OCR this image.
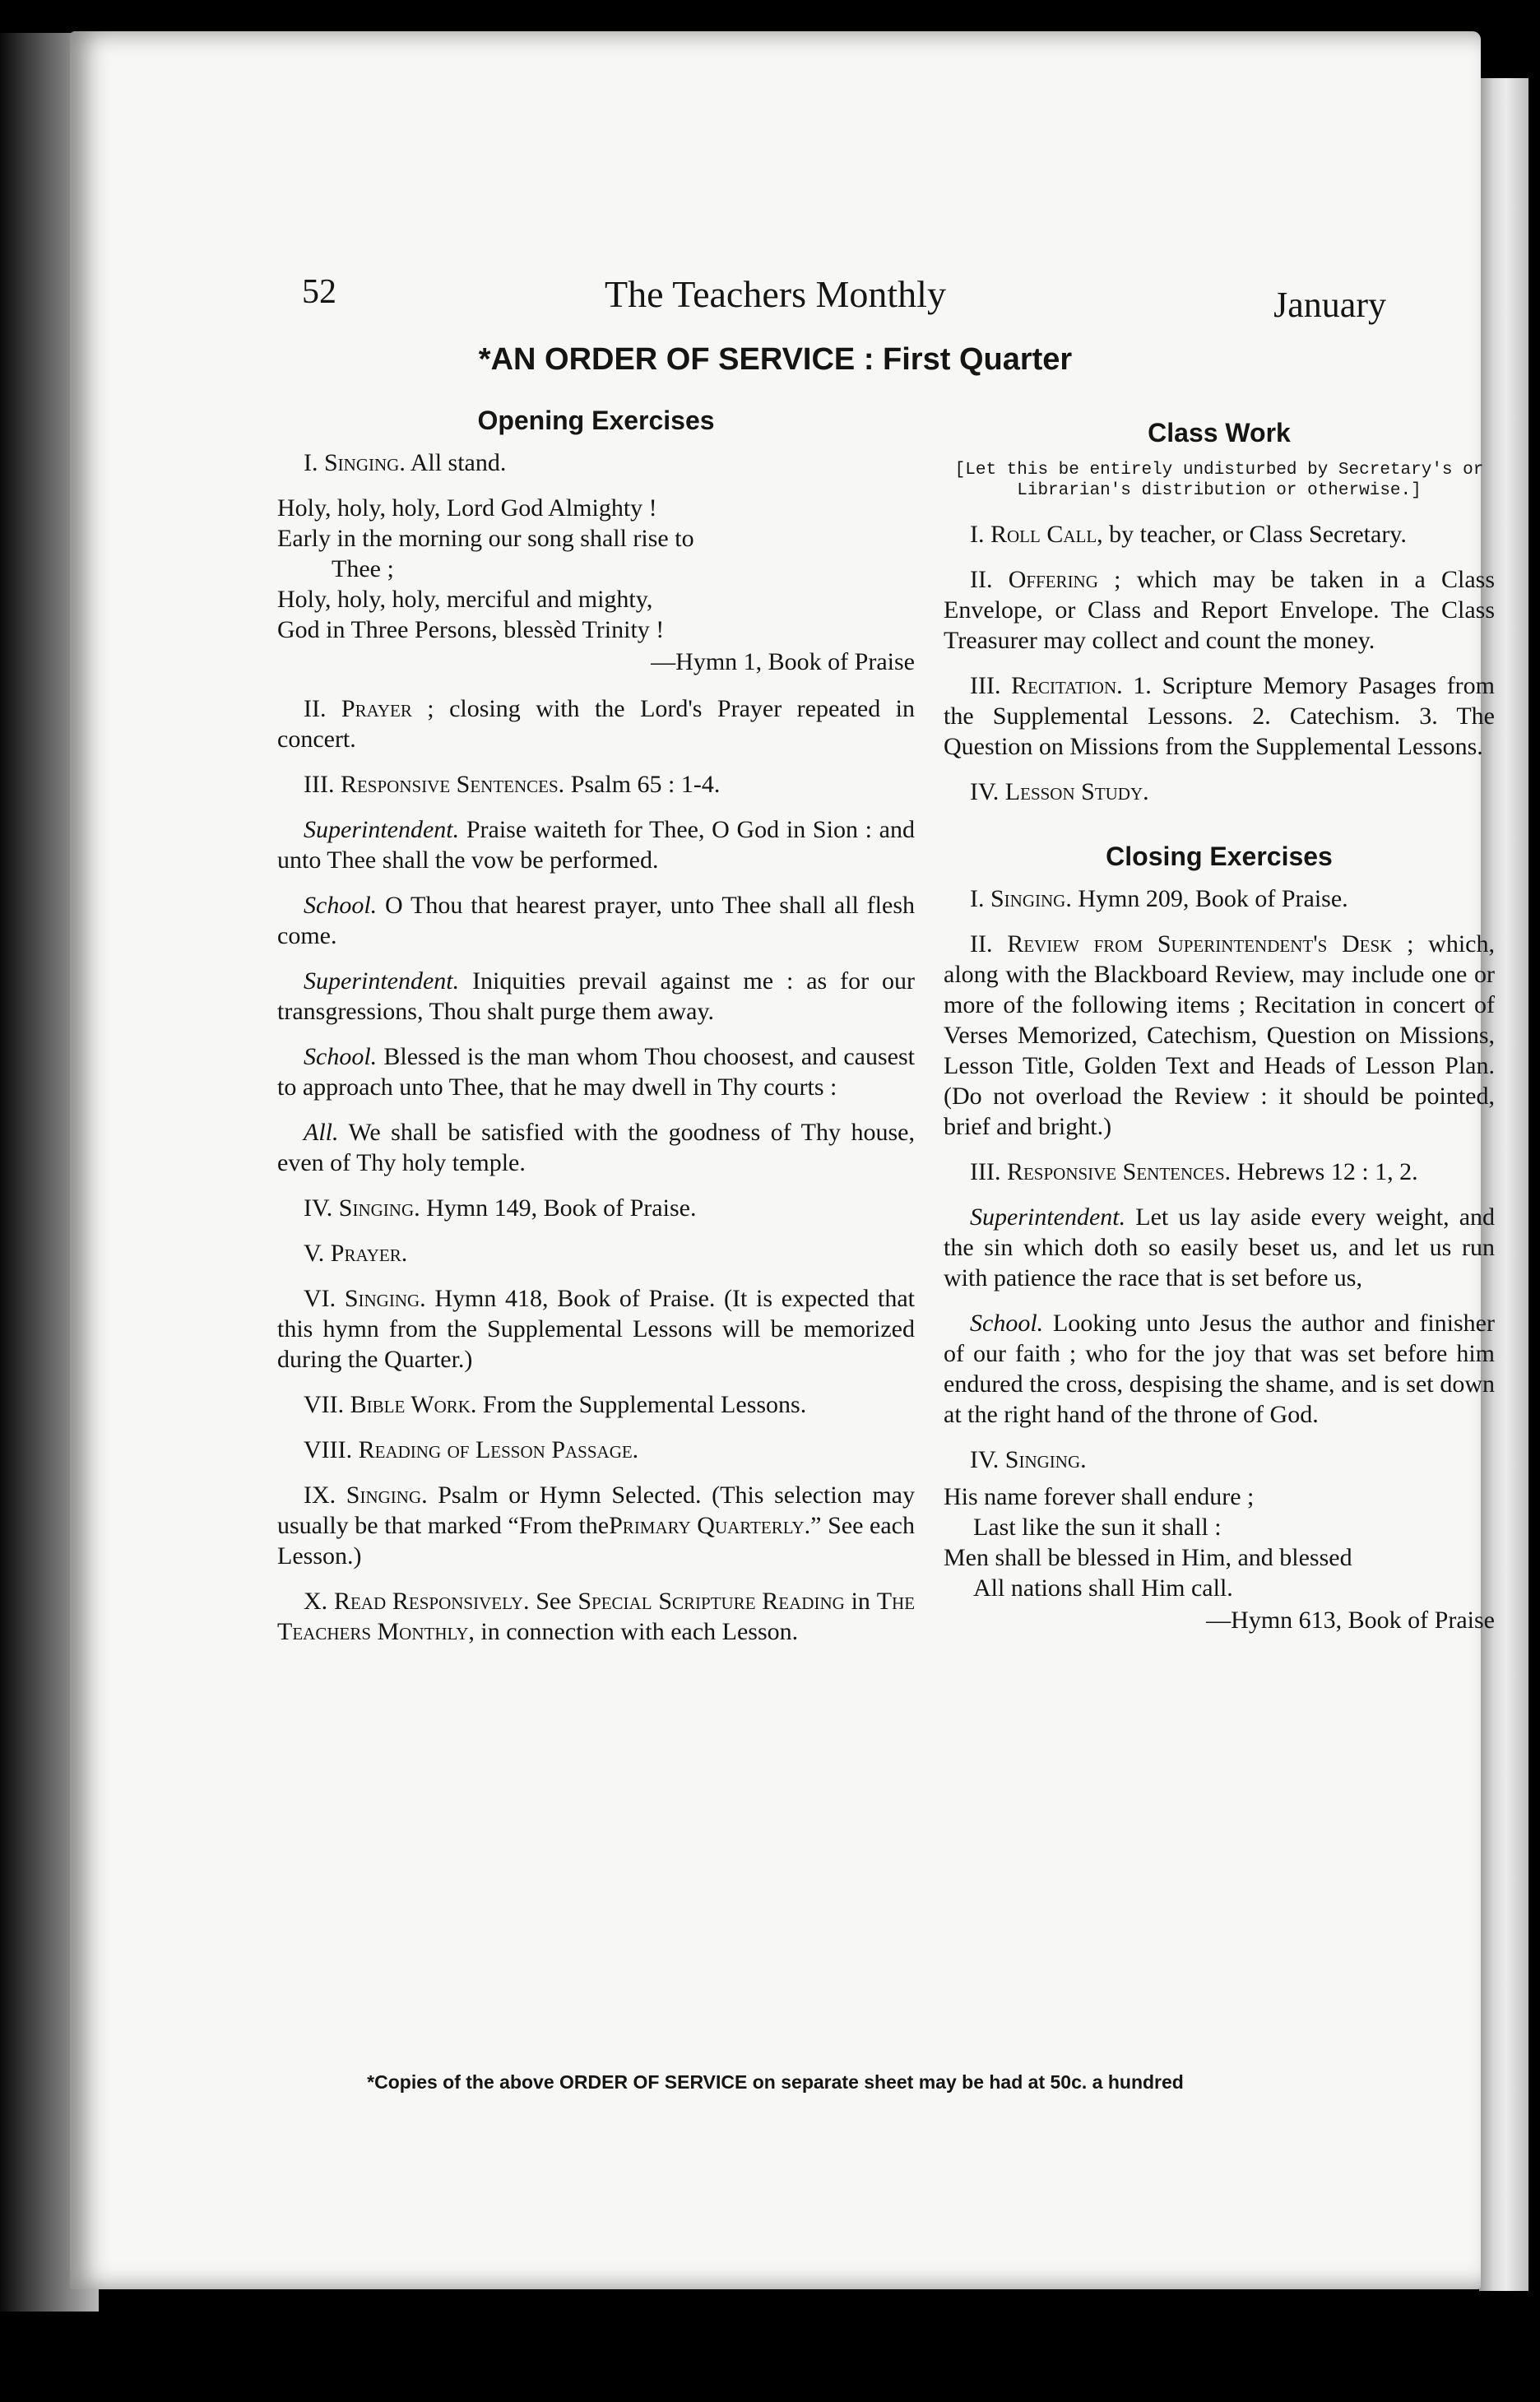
52	The Teachers Monthly	January
*AN ORDER OF SERVICE : First Quarter
Opening Exercises

I. Singing. All stand.

Holy, holy, holy, Lord God Almighty !

Early in the morning our song shall rise to

Thee ;

Holy, holy, holy, merciful and mighty,

God in Three Persons, blessèd Trinity !

—Hymn 1, Book of Praise

II. Prayer ; closing with the Lord's Prayer repeated in concert.

III. Responsive Sentences. Psalm 65 : 1-4.

Superintendent. Praise waiteth for Thee, O God in Sion : and unto Thee shall the vow be performed.

School. O Thou that hearest prayer, unto Thee shall all flesh come.

Superintendent. Iniquities prevail against me : as for our transgressions, Thou shalt purge them away.

School. Blessed is the man whom Thou choosest, and causest to approach unto Thee, that he may dwell in Thy courts :

All. We shall be satisfied with the goodness of Thy house, even of Thy holy temple.

IV. Singing. Hymn 149, Book of Praise.

V. Prayer.

VI. Singing. Hymn 418, Book of Praise. (It is expected that this hymn from the Supplemental Lessons will be memorized during the Quarter.)

VII. Bible Work. From the Supplemental Lessons.

VIII. Reading of Lesson Passage.

IX. Singing. Psalm or Hymn Selected. (This selection may usually be that marked “From thePrimary Quarterly.” See each Lesson.)

X. Read Responsively. See Special Scripture Reading in The Teachers Monthly, in connection with each Lesson.

Class Work
[Let this be entirely undisturbed by Secretary's or Librarian's distribution or otherwise.]

I. Roll Call, by teacher, or Class Secretary.

II. Offering ; which may be taken in a Class Envelope, or Class and Report Envelope. The Class Treasurer may collect and count the money.

III. Recitation. 1. Scripture Memory Pasages from the Supplemental Lessons. 2. Catechism. 3. The Question on Missions from the Supplemental Lessons.

IV. Lesson Study.

Closing Exercises

I. Singing. Hymn 209, Book of Praise.

II. Review from Superintendent's Desk ; which, along with the Blackboard Review, may include one or more of the following items ; Recitation in concert of Verses Memorized, Catechism, Question on Missions, Lesson Title, Golden Text and Heads of Lesson Plan. (Do not overload the Review : it should be pointed, brief and bright.)

III. Responsive Sentences. Hebrews 12 : 1, 2.

Superintendent. Let us lay aside every weight, and the sin which doth so easily beset us, and let us run with patience the race that is set before us,

School. Looking unto Jesus the author and finisher of our faith ; who for the joy that was set before him endured the cross, despising the shame, and is set down at the right hand of the throne of God.

IV. Singing.

His name forever shall endure ;

Last like the sun it shall :

Men shall be blessed in Him, and blessed

All nations shall Him call.

—Hymn 613, Book of Praise

*Copies of the above ORDER OF SERVICE on separate sheet may be had at 50c. a hundred
